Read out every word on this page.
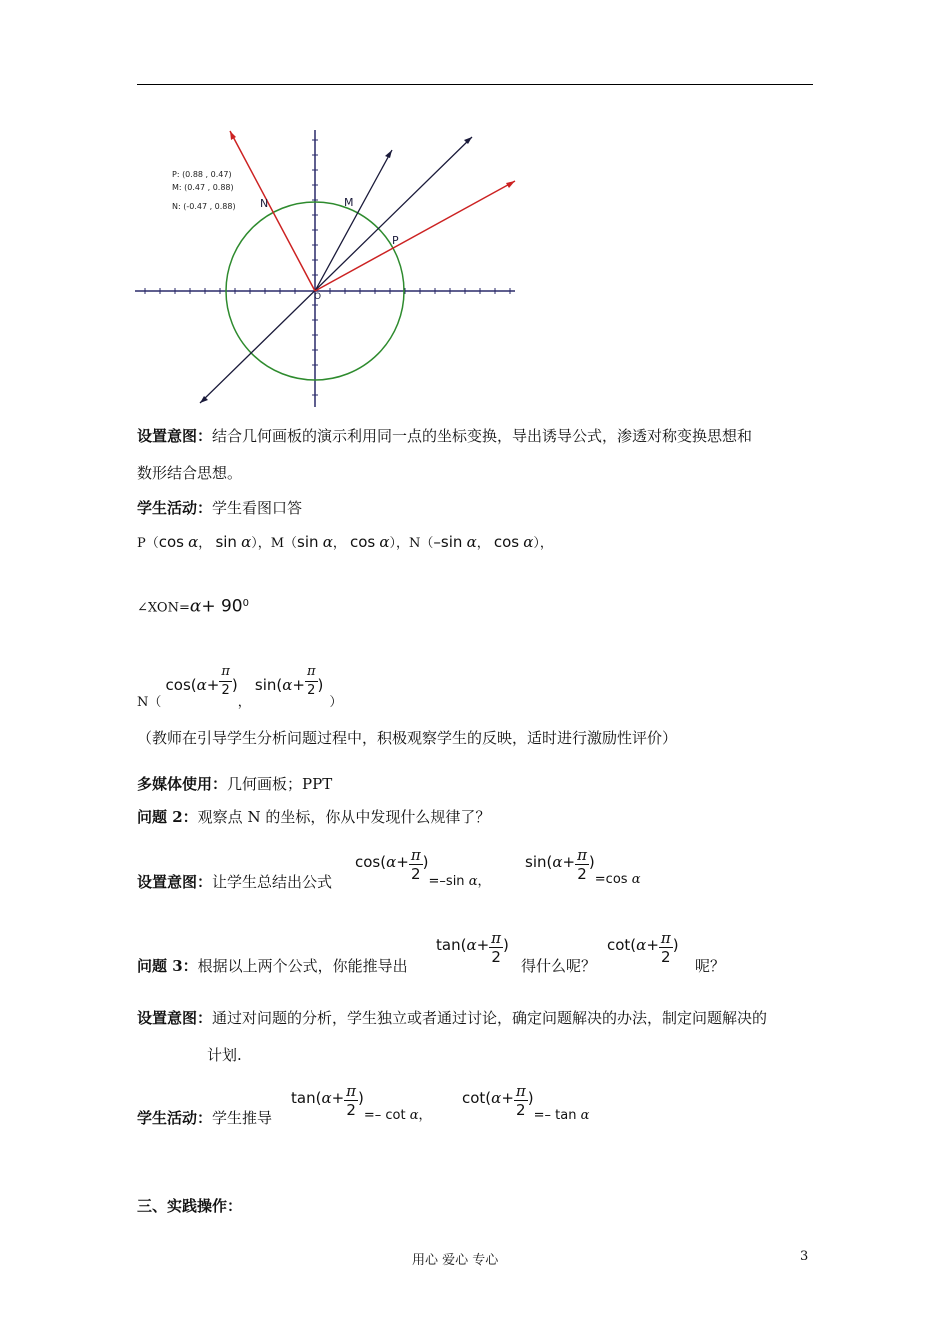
N	M
P
O
P: (0.88 , 0.47)
M: (0.47 , 0.88)
N: (-0.47 , 0.88)
设置意图：结合几何画板的演示利用同一点的坐标变换，导出诱导公式，渗透对称变换思想和
数形结合思想。
学生活动：学生看图口答
P（cos α， sin α），M（sin α， cos α），N（–sin α， cos α），
∠XON=α+ $90^0$
N（ $\cos(\alpha+ \frac{\pi}{2}$ )， $\sin(\alpha+ \frac{\pi}{2}$ )）
（教师在引导学生分析问题过程中，积极观察学生的反映，适时进行激励性评价）
多媒体使用：几何画板；PPT
问题 2：观察点 N 的坐标，你从中发现什么规律了？
设置意图：让学生总结出公式
$\cos(\alpha+ \frac{\pi}{2} )=-\sin$ α，
$\sin(\alpha+ \frac{\pi}{2} )=\cos$ α
问题 3：根据以上两个公式，你能推导出
$\tan(\alpha+ \frac{\pi}{2}$ )
得什么呢？
$\cot(\alpha+ \frac{\pi}{2}$ )
呢？
设置意图：通过对问题的分析，学生独立或者通过讨论，确定问题解决的办法，制定问题解决的
计划.
学生活动：学生推导
$\tan(\alpha+ \frac{\pi}{2}$ )=– cot α，
$\cot(\alpha+ \frac{\pi}{2}$ )=– tan α
三、实践操作：
用心 爱心 专心	3
